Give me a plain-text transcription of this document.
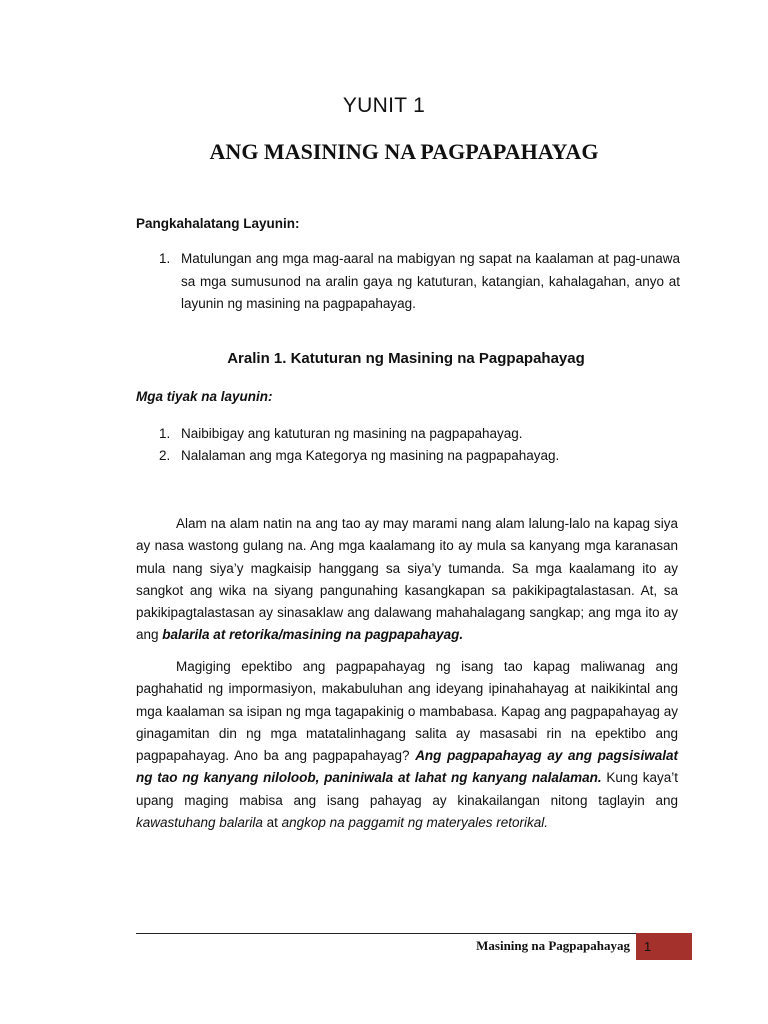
YUNIT 1
ANG MASINING NA PAGPAPAHAYAG
Pangkahalatang Layunin:
1. Matulungan ang mga mag-aaral na mabigyan ng sapat na kaalaman at pag-unawa sa mga sumusunod na aralin gaya ng katuturan, katangian, kahalagahan, anyo at layunin ng masining na pagpapahayag.
Aralin 1. Katuturan ng Masining na Pagpapahayag
Mga tiyak na layunin:
1. Naibibigay ang katuturan ng masining na pagpapahayag.
2. Nalalaman ang mga Kategorya ng masining na pagpapahayag.

Alam na alam natin na ang tao ay may marami nang alam lalung-lalo na kapag siya ay nasa wastong gulang na. Ang mga kaalamang ito ay mula sa kanyang mga karanasan mula nang siya’y magkaisip hanggang sa siya’y tumanda. Sa mga kaalamang ito ay sangkot ang wika na siyang pangunahing kasangkapan sa pakikipagtalastasan. At, sa pakikipagtalastasan ay sinasaklaw ang dalawang mahahalagang sangkap; ang mga ito ay ang balarila at retorika/masining na pagpapahayag.

Magiging epektibo ang pagpapahayag ng isang tao kapag maliwanag ang paghahatid ng impormasiyon, makabuluhan ang ideyang ipinahahayag at naikikintal ang mga kaalaman sa isipan ng mga tagapakinig o mambabasa. Kapag ang pagpapahayag ay ginagamitan din ng mga matatalinhagang salita ay masasabi rin na epektibo ang pagpapahayag. Ano ba ang pagpapahayag? Ang pagpapahayag ay ang pagsisiwalat ng tao ng kanyang niloloob, paniniwala at lahat ng kanyang nalalaman. Kung kaya’t upang maging mabisa ang isang pahayag ay kinakailangan nitong taglayin ang kawastuhang balarila at angkop na paggamit ng materyales retorikal.

Masining na Pagpapahayag 1
